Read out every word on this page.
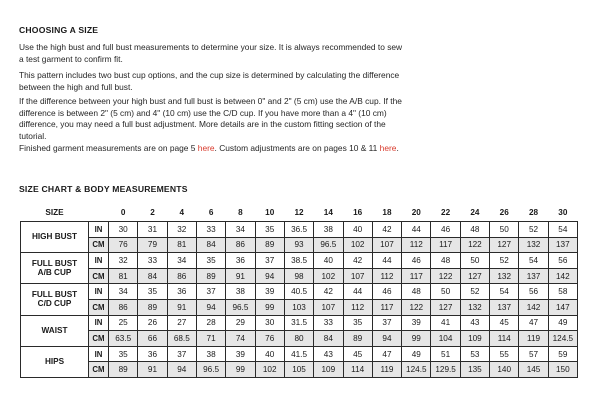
CHOOSING A SIZE

Use the high bust and full bust measurements to determine your size. It is always recommended to sew a test garment to confirm fit.

This pattern includes two bust cup options, and the cup size is determined by calculating the difference between the high and full bust.

If the difference between your high bust and full bust is between 0" and 2" (5 cm) use the A/B cup. If the difference is between 2" (5 cm) and 4" (10 cm) use the C/D cup. If you have more than a 4" (10 cm) difference, you may need a full bust adjustment. More details are in the custom fitting section of the tutorial.

Finished garment measurements are on page 5 here. Custom adjustments are on pages 10 & 11 here.

SIZE CHART & BODY MEASUREMENTS
SIZE		0	2	4	6	8	10	12	14	16	18	20	22	24	26	28	30

HIGH BUST	IN	30	31	32	33	34	35	36.5	38	40	42	44	46	48	50	52	54
	CM	76	79	81	84	86	89	93	96.5	102	107	112	117	122	127	132	137

FULL BUST
A/B CUP	IN	32	33	34	35	36	37	38.5	40	42	44	46	48	50	52	54	56
	CM	81	84	86	89	91	94	98	102	107	112	117	122	127	132	137	142

FULL BUST
C/D CUP	IN	34	35	36	37	38	39	40.5	42	44	46	48	50	52	54	56	58
	CM	86	89	91	94	96.5	99	103	107	112	117	122	127	132	137	142	147

WAIST	IN	25	26	27	28	29	30	31.5	33	35	37	39	41	43	45	47	49
	CM	63.5	66	68.5	71	74	76	80	84	89	94	99	104	109	114	119	124.5

HIPS	IN	35	36	37	38	39	40	41.5	43	45	47	49	51	53	55	57	59
	CM	89	91	94	96.5	99	102	105	109	114	119	124.5	129.5	135	140	145	150
